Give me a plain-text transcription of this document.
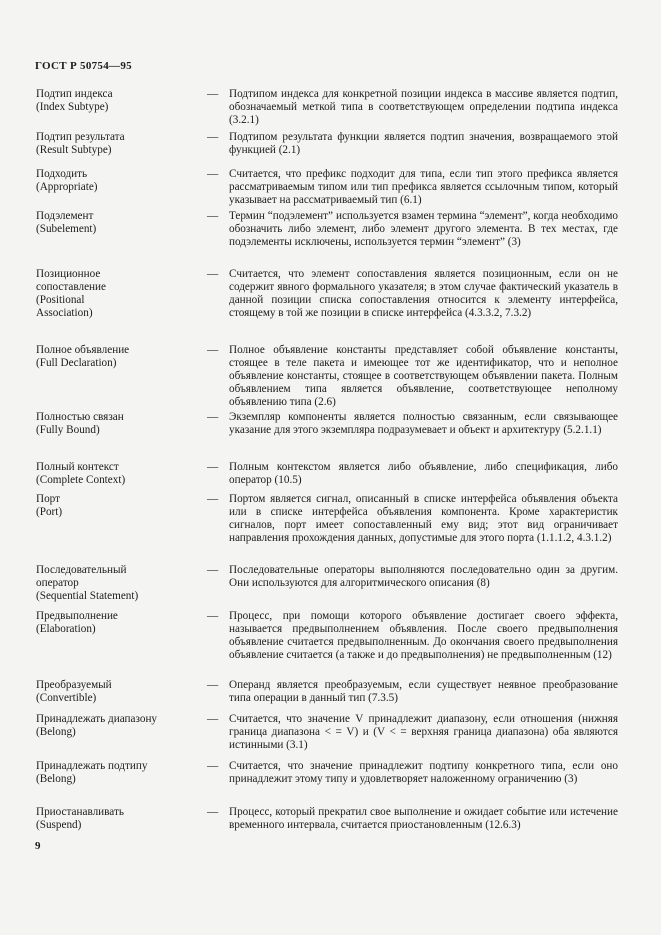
ГОСТ Р 50754—95
Подтип индекса
(Index Subtype)
— Подтипом индекса для конкретной позиции индекса в массиве является подтип, обозначаемый меткой типа в соответствующем определении подтипа индекса (3.2.1)
Подтип результата
(Result Subtype)
— Подтипом результата функции является подтип значения, возвращаемого этой функцией (2.1)
Подходить
(Appropriate)
— Считается, что префикс подходит для типа, если тип этого префикса является рассматриваемым типом или тип префикса является ссылочным типом, который указывает на рассматриваемый тип (6.1)
Подэлемент
(Subelement)
— Термин “подэлемент” используется взамен термина “элемент”, когда необходимо обозначить либо элемент, либо элемент другого элемента. В тех местах, где подэлементы исключены, используется термин “элемент” (3)
Позиционное
сопоставление
(Positional
Association)
— Считается, что элемент сопоставления является позиционным, если он не содержит явного формального указателя; в этом случае фактический указатель в данной позиции списка сопоставления относится к элементу интерфейса, стоящему в той же позиции в списке интерфейса (4.3.3.2, 7.3.2)
Полное объявление
(Full Declaration)
— Полное объявление константы представляет собой объявление константы, стоящее в теле пакета и имеющее тот же идентификатор, что и неполное объявление константы, стоящее в соответствующем объявлении пакета. Полным объявлением типа является объявление, соответствующее неполному объявлению типа (2.6)
Полностью связан
(Fully Bound)
— Экземпляр компоненты является полностью связанным, если связывающее указание для этого экземпляра подразумевает и объект и архитектуру (5.2.1.1)
Полный контекст
(Complete Context)
— Полным контекстом является либо объявление, либо спецификация, либо оператор (10.5)
Порт
(Port)
— Портом является сигнал, описанный в списке интерфейса объявления объекта или в списке интерфейса объявления компонента. Кроме характеристик сигналов, порт имеет сопоставленный ему вид; этот вид ограничивает направления прохождения данных, допустимые для этого порта (1.1.1.2, 4.3.1.2)
Последовательный
оператор
(Sequential Statement)
— Последовательные операторы выполняются последовательно один за другим. Они используются для алгоритмического описания (8)
Предвыполнение
(Elaboration)
— Процесс, при помощи которого объявление достигает своего эффекта, называется предвыполнением объявления. После своего предвыполнения объявление считается предвыполненным. До окончания своего предвыполнения объявление считается (а также и до предвыполнения) не предвыполненным (12)
Преобразуемый
(Convertible)
— Операнд является преобразуемым, если существует неявное преобразование типа операции в данный тип (7.3.5)
Принадлежать диапазону
(Belong)
— Считается, что значение V принадлежит диапазону, если отношения (нижняя граница диапазона < = V) и (V < = верхняя граница диапазона) оба являются истинными (3.1)
Принадлежать подтипу
(Belong)
— Считается, что значение принадлежит подтипу конкретного типа, если оно принадлежит этому типу и удовлетворяет наложенному ограничению (3)
Приостанавливать
(Suspend)
— Процесс, который прекратил свое выполнение и ожидает событие или истечение временного интервала, считается приостановленным (12.6.3)
9
